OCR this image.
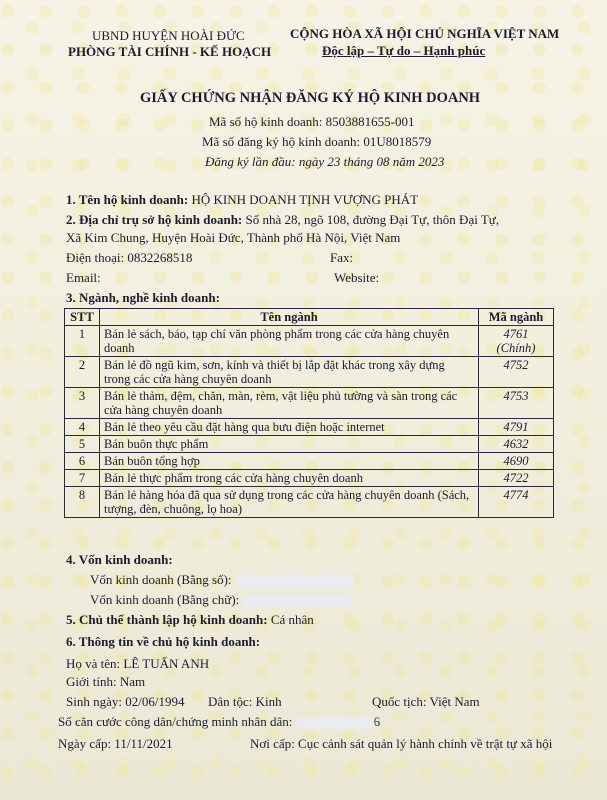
UBND HUYỆN HOÀI ĐỨC
PHÒNG TÀI CHÍNH - KẾ HOẠCH
CỘNG HÒA XÃ HỘI CHỦ NGHĨA VIỆT NAM
Độc lập – Tự do – Hạnh phúc
GIẤY CHỨNG NHẬN ĐĂNG KÝ HỘ KINH DOANH
Mã số hộ kinh doanh: 8503881655-001
Mã số đăng ký hộ kinh doanh: 01U8018579
Đăng ký lần đầu: ngày 23 tháng 08 năm 2023
1. Tên hộ kinh doanh: HỘ KINH DOANH TỊNH VƯỢNG PHÁT
2. Địa chỉ trụ sở hộ kinh doanh: Số nhà 28, ngõ 108, đường Đại Tự, thôn Đại Tự,
Xã Kim Chung, Huyện Hoài Đức, Thành phố Hà Nội, Việt Nam
Điện thoại: 0832268518	Fax:
Email:	Website:
3. Ngành, nghề kinh doanh:
STT	Tên ngành	Mã ngành
1	Bán lẻ sách, báo, tạp chí văn phòng phẩm trong các cửa hàng chuyên doanh	4761 (Chính)
2	Bán lẻ đồ ngũ kim, sơn, kính và thiết bị lắp đặt khác trong xây dựng trong các cửa hàng chuyên doanh	4752
3	Bán lẻ thảm, đệm, chăn, màn, rèm, vật liệu phủ tường và sàn trong các cửa hàng chuyên doanh	4753
4	Bán lẻ theo yêu cầu đặt hàng qua bưu điện hoặc internet	4791
5	Bán buôn thực phẩm	4632
6	Bán buôn tổng hợp	4690
7	Bán lẻ thực phẩm trong các cửa hàng chuyên doanh	4722
8	Bán lẻ hàng hóa đã qua sử dụng trong các cửa hàng chuyên doanh (Sách, tượng, đèn, chuông, lọ hoa)	4774
4. Vốn kinh doanh:
Vốn kinh doanh (Bằng số):
Vốn kinh doanh (Bằng chữ):
5. Chủ thể thành lập hộ kinh doanh: Cá nhân
6. Thông tin về chủ hộ kinh doanh:
Họ và tên: LÊ TUẤN ANH
Giới tính: Nam
Sinh ngày: 02/06/1994 Dân tộc: Kinh	Quốc tịch: Việt Nam
Số căn cước công dân/chứng minh nhân dân:	6
Ngày cấp: 11/11/2021	Nơi cấp: Cục cảnh sát quản lý hành chính về trật tự xã hội
